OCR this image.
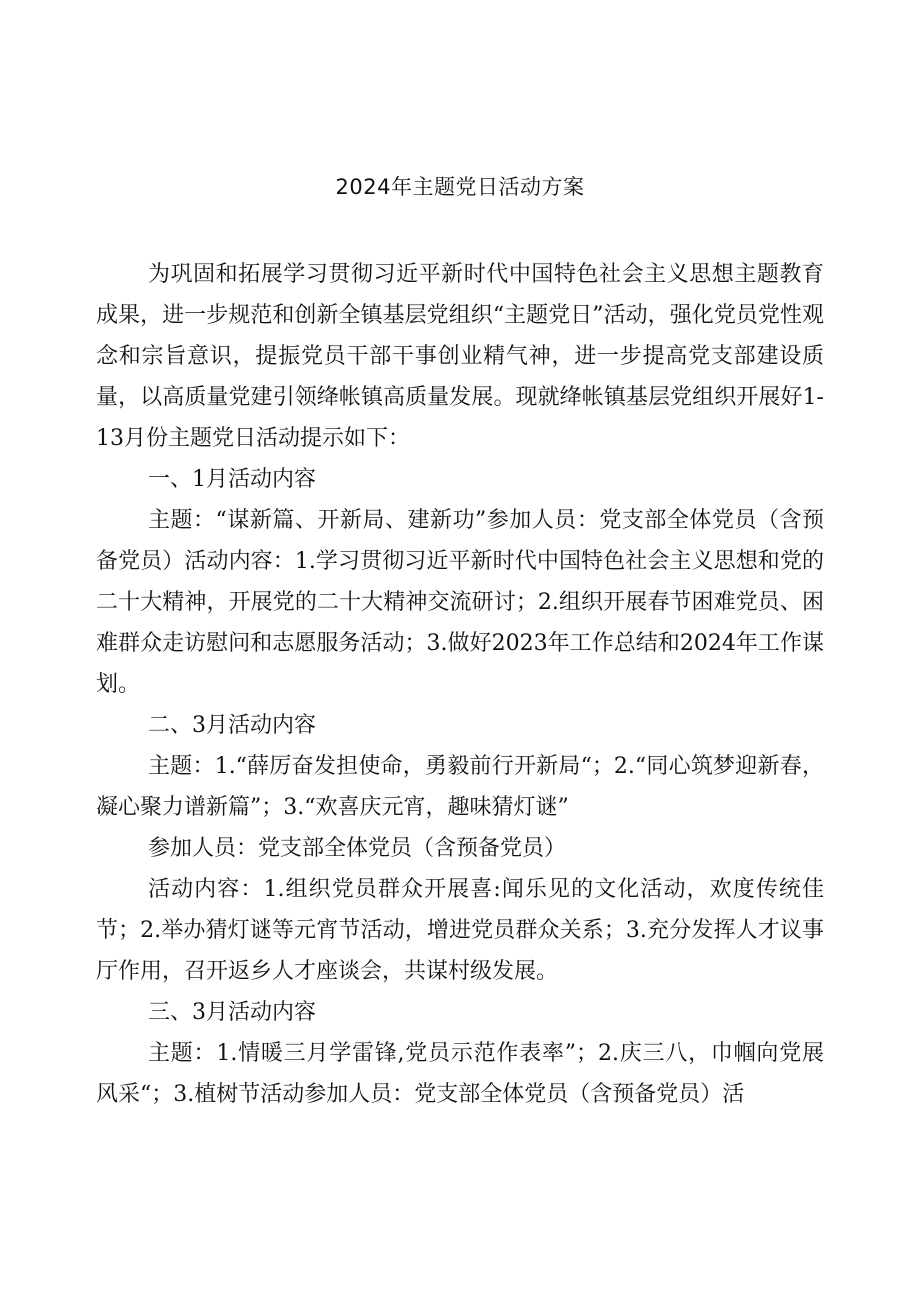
2024年主题党日活动方案

为巩固和拓展学习贯彻习近平新时代中国特色社会主义思想主题教育成果，进一步规范和创新全镇基层党组织“主题党日”活动，强化党员党性观念和宗旨意识，提振党员干部干事创业精气神，进一步提高党支部建设质量，以高质量党建引领绛帐镇高质量发展。现就绛帐镇基层党组织开展好1-13月份主题党日活动提示如下：

一、1月活动内容

主题：“谋新篇、开新局、建新功”参加人员：党支部全体党员（含预备党员）活动内容：1.学习贯彻习近平新时代中国特色社会主义思想和党的二十大精神，开展党的二十大精神交流研讨；2.组织开展春节困难党员、困难群众走访慰问和志愿服务活动；3.做好2023年工作总结和2024年工作谋划。

二、3月活动内容

主题：1.“薛厉奋发担使命，勇毅前行开新局“；2.“同心筑梦迎新春，凝心聚力谱新篇”；3.“欢喜庆元宵，趣味猜灯谜”

参加人员：党支部全体党员（含预备党员）

活动内容：1.组织党员群众开展喜:闻乐见的文化活动，欢度传统佳节；2.举办猜灯谜等元宵节活动，增进党员群众关系；3.充分发挥人才议事厅作用，召开返乡人才座谈会，共谋村级发展。

三、3月活动内容

主题：1.情暖三月学雷锋,党员示范作表率”；2.庆三八，巾帼向党展风采“；3.植树节活动参加人员：党支部全体党员（含预备党员）活
